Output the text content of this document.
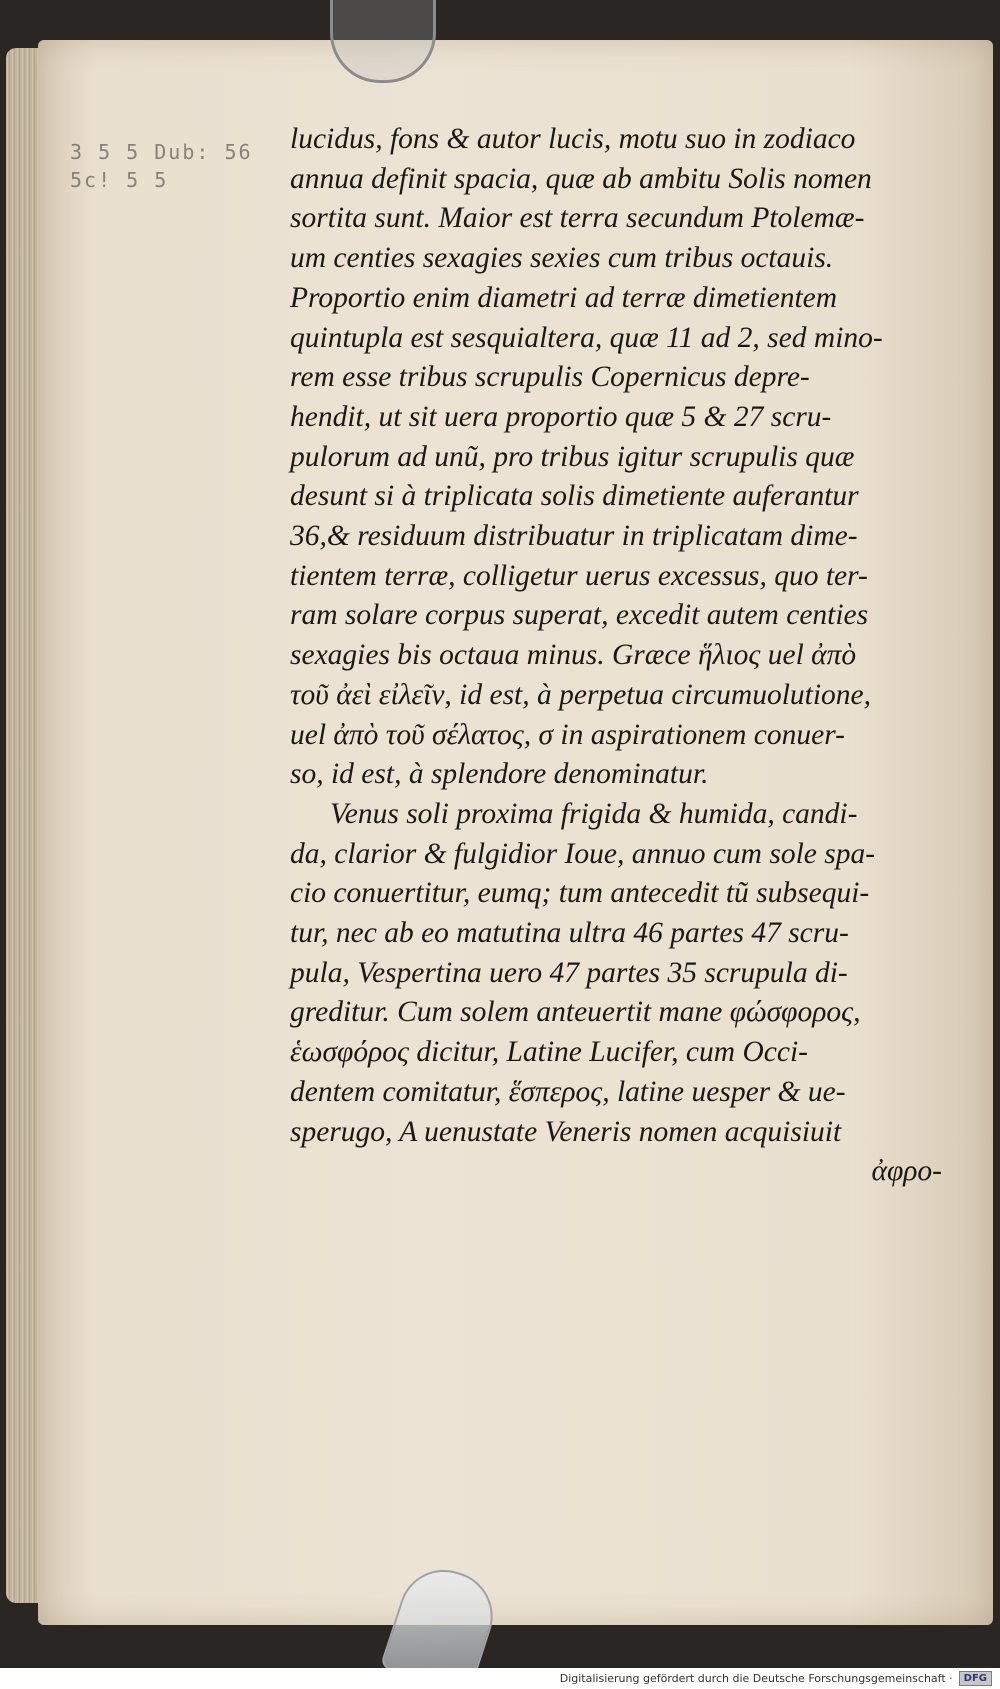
3 5 5 Dub: 56
5c! 5 5
lucidus, fons & autor lucis, motu suo in zodiaco
annua definit spacia, quæ ab ambitu Solis nomen
sortita sunt. Maior est terra secundum Ptolemæ-
um centies sexagies sexies cum tribus octauis.
Proportio enim diametri ad terræ dimetientem
quintupla est sesquialtera, quæ 11 ad 2, sed mino-
rem esse tribus scrupulis Copernicus depre-
hendit, ut sit uera proportio quæ 5 & 27 scru-
pulorum ad unũ, pro tribus igitur scrupulis quæ
desunt si à triplicata solis dimetiente auferantur
36,& residuum distribuatur in triplicatam dime-
tientem terræ, colligetur uerus excessus, quo ter-
ram solare corpus superat, excedit autem centies
sexagies bis octaua minus. Græce ἥλιος uel ἀπὸ
τοῦ ἀεὶ εἰλεῖν, id est, à perpetua circumuolutione,
uel ἀπὸ τοῦ σέλατος, σ in aspirationem conuer-
so, id est, à splendore denominatur.
Venus soli proxima frigida & humida, candi-
da, clarior & fulgidior Ioue, annuo cum sole spa-
cio conuertitur, eumq; tum antecedit tũ subsequi-
tur, nec ab eo matutina ultra 46 partes 47 scru-
pula, Vespertina uero 47 partes 35 scrupula di-
greditur. Cum solem anteuertit mane φώσφορος,
ἑωσφόρος dicitur, Latine Lucifer, cum Occi-
dentem comitatur, ἕσπερος, latine uesper & ue-
sperugo, A uenustate Veneris nomen acquisiuit
ἀφρο-
Digitalisierung gefördert durch die Deutsche Forschungsgemeinschaft ·	DFG
